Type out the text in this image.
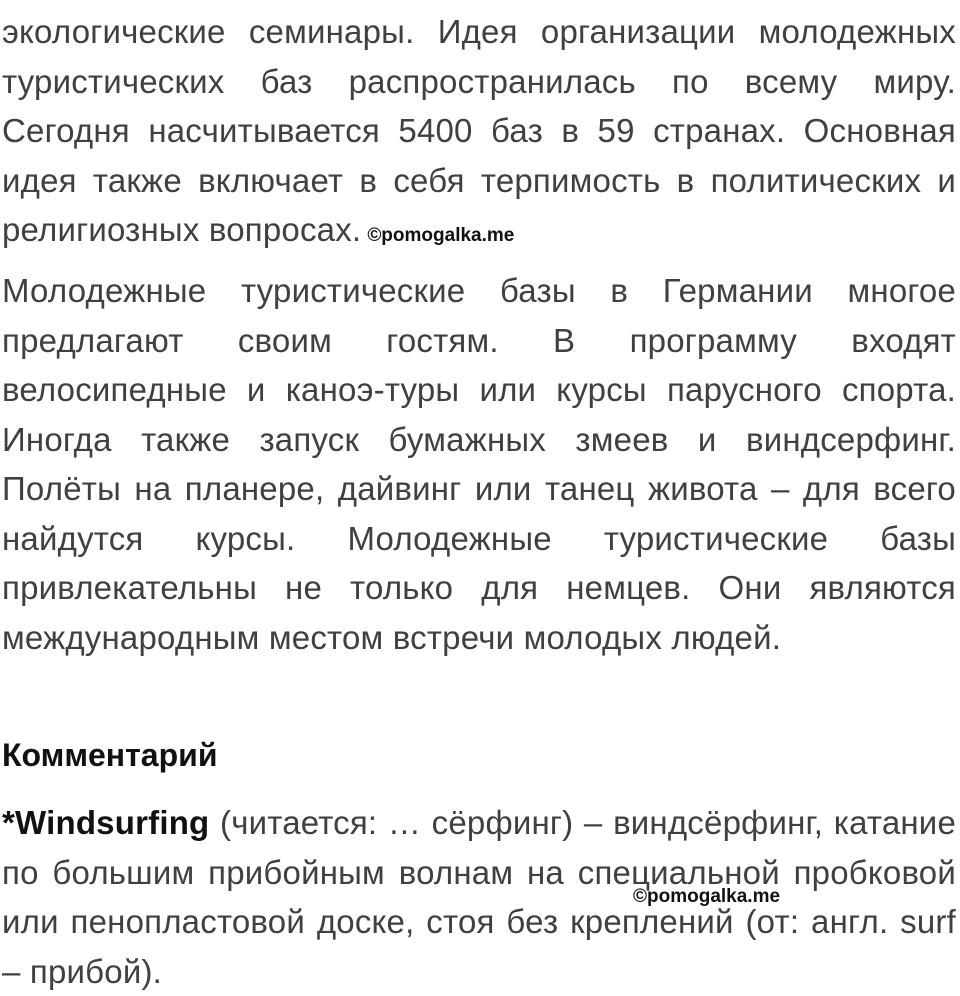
экологические семинары. Идея организации молодежных туристических баз распространилась по всему миру. Сегодня насчитывается 5400 баз в 59 странах. Основная идея также включает в себя терпимость в политических и религиозных вопросах. ©pomogalka.me

Молодежные туристические базы в Германии многое предлагают своим гостям. В программу входят велосипедные и каноэ-туры или курсы парусного спорта. Иногда также запуск бумажных змеев и виндсерфинг. Полёты на планере, дайвинг или танец живота – для всего найдутся курсы. Молодежные туристические базы привлекательны не только для немцев. Они являются международным местом встречи молодых людей.

Комментарий

*Windsurfing (читается: … сёрфинг) – виндсёрфинг, катание по большим прибойным волнам на специальной пробковой или пенопластовой доске, стоя без креплений (от: англ. surf – прибой).

©pomogalka.me
